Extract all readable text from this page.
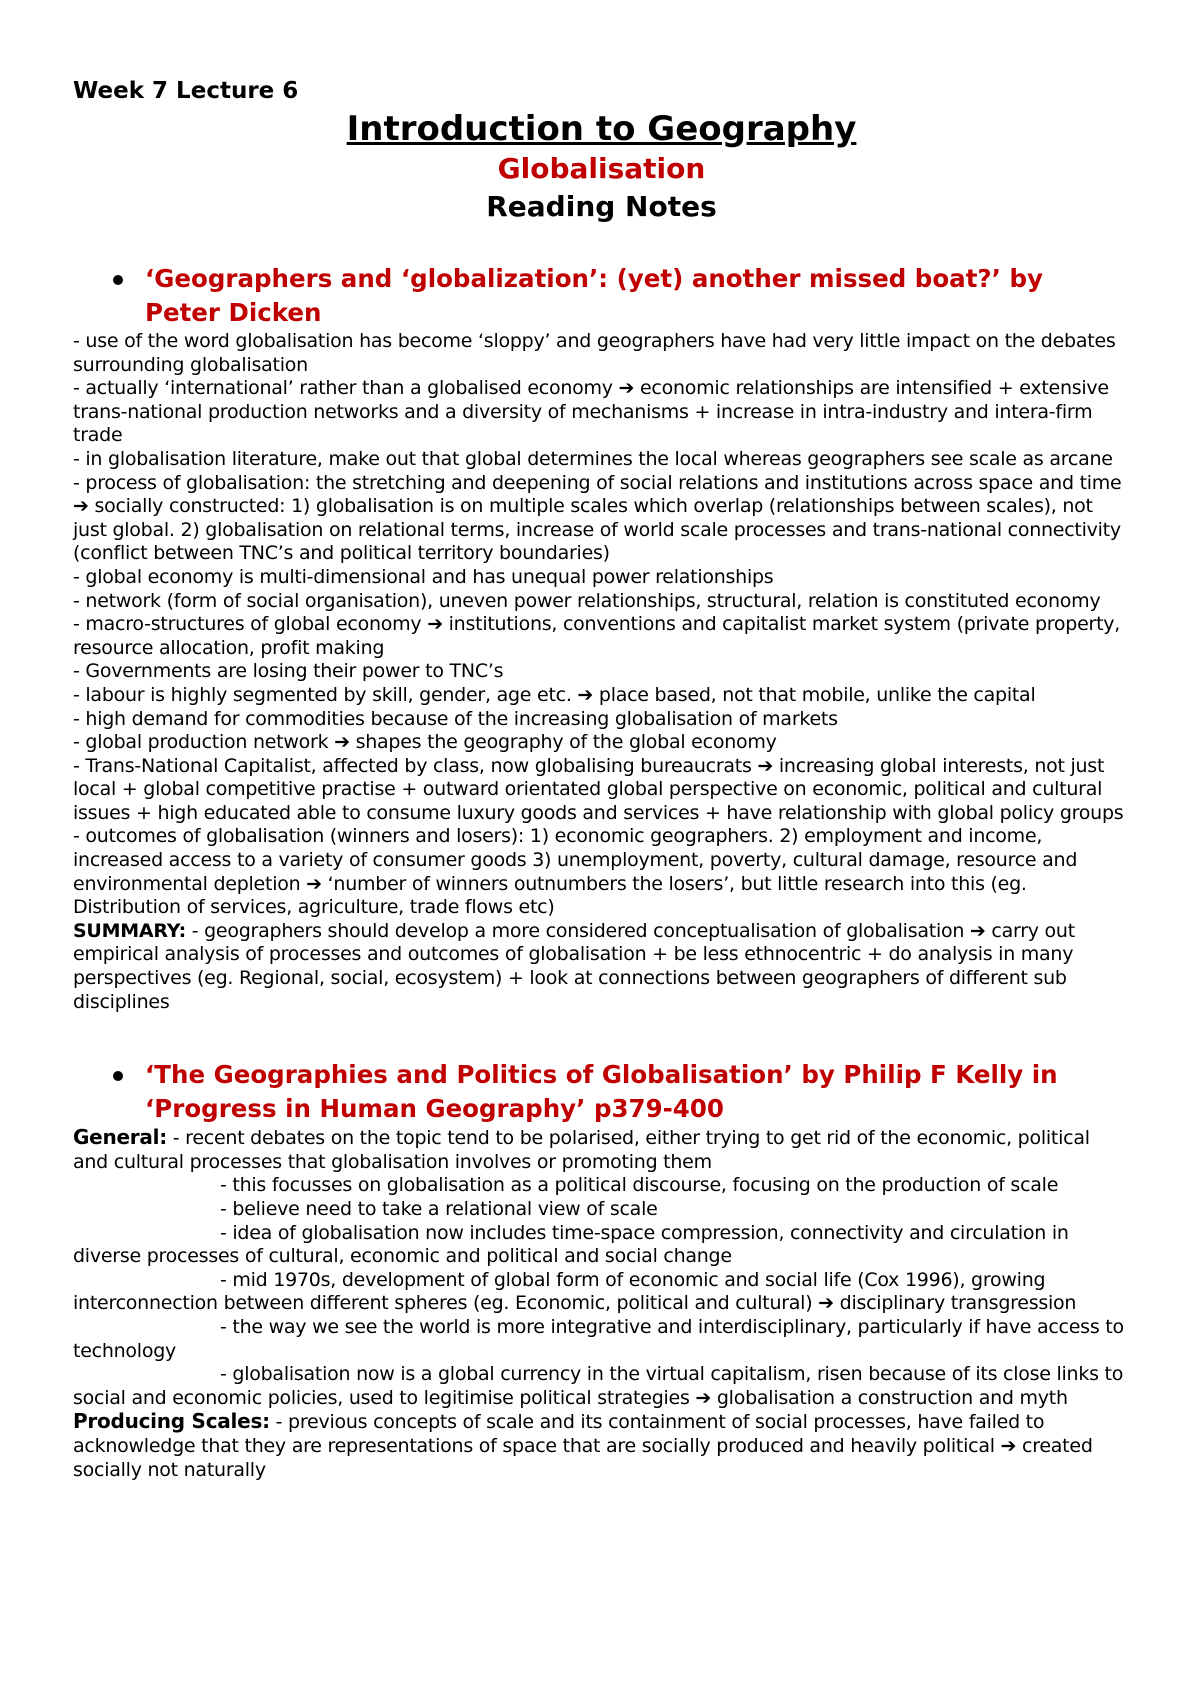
Week 7 Lecture 6
Introduction to Geography
Globalisation
Reading Notes
‘Geographers and ‘globalization’: (yet) another missed boat?’ by Peter Dicken

- use of the word globalisation has become ‘sloppy’ and geographers have had very little impact on the debates surrounding globalisation

- actually ‘international’ rather than a globalised economy ➔ economic relationships are intensified + extensive trans-national production networks and a diversity of mechanisms + increase in intra-industry and intera-firm trade

- in globalisation literature, make out that global determines the local whereas geographers see scale as arcane

- process of globalisation: the stretching and deepening of social relations and institutions across space and time ➔ socially constructed: 1) globalisation is on multiple scales which overlap (relationships between scales), not just global. 2) globalisation on relational terms, increase of world scale processes and trans-national connectivity (conflict between TNC’s and political territory boundaries)

- global economy is multi-dimensional and has unequal power relationships

- network (form of social organisation), uneven power relationships, structural, relation is constituted economy

- macro-structures of global economy ➔ institutions, conventions and capitalist market system (private property, resource allocation, profit making

- Governments are losing their power to TNC’s

- labour is highly segmented by skill, gender, age etc. ➔ place based, not that mobile, unlike the capital

- high demand for commodities because of the increasing globalisation of markets

- global production network ➔ shapes the geography of the global economy

- Trans-National Capitalist, affected by class, now globalising bureaucrats ➔ increasing global interests, not just local + global competitive practise + outward orientated global perspective on economic, political and cultural issues + high educated able to consume luxury goods and services + have relationship with global policy groups

- outcomes of globalisation (winners and losers): 1) economic geographers. 2) employment and income, increased access to a variety of consumer goods 3) unemployment, poverty, cultural damage, resource and environmental depletion ➔ ‘number of winners outnumbers the losers’, but little research into this (eg. Distribution of services, agriculture, trade flows etc)

SUMMARY: - geographers should develop a more considered conceptualisation of globalisation ➔ carry out empirical analysis of processes and outcomes of globalisation + be less ethnocentric + do analysis in many perspectives (eg. Regional, social, ecosystem) + look at connections between geographers of different sub disciplines

‘The Geographies and Politics of Globalisation’ by Philip F Kelly in ‘Progress in Human Geography’ p379-400

General: - recent debates on the topic tend to be polarised, either trying to get rid of the economic, political and cultural processes that globalisation involves or promoting them

- this focusses on globalisation as a political discourse, focusing on the production of scale

- believe need to take a relational view of scale

- idea of globalisation now includes time-space compression, connectivity and circulation in diverse processes of cultural, economic and political and social change

- mid 1970s, development of global form of economic and social life (Cox 1996), growing interconnection between different spheres (eg. Economic, political and cultural) ➔ disciplinary transgression

- the way we see the world is more integrative and interdisciplinary, particularly if have access to technology

- globalisation now is a global currency in the virtual capitalism, risen because of its close links to social and economic policies, used to legitimise political strategies ➔ globalisation a construction and myth

Producing Scales: - previous concepts of scale and its containment of social processes, have failed to acknowledge that they are representations of space that are socially produced and heavily political ➔ created socially not naturally
